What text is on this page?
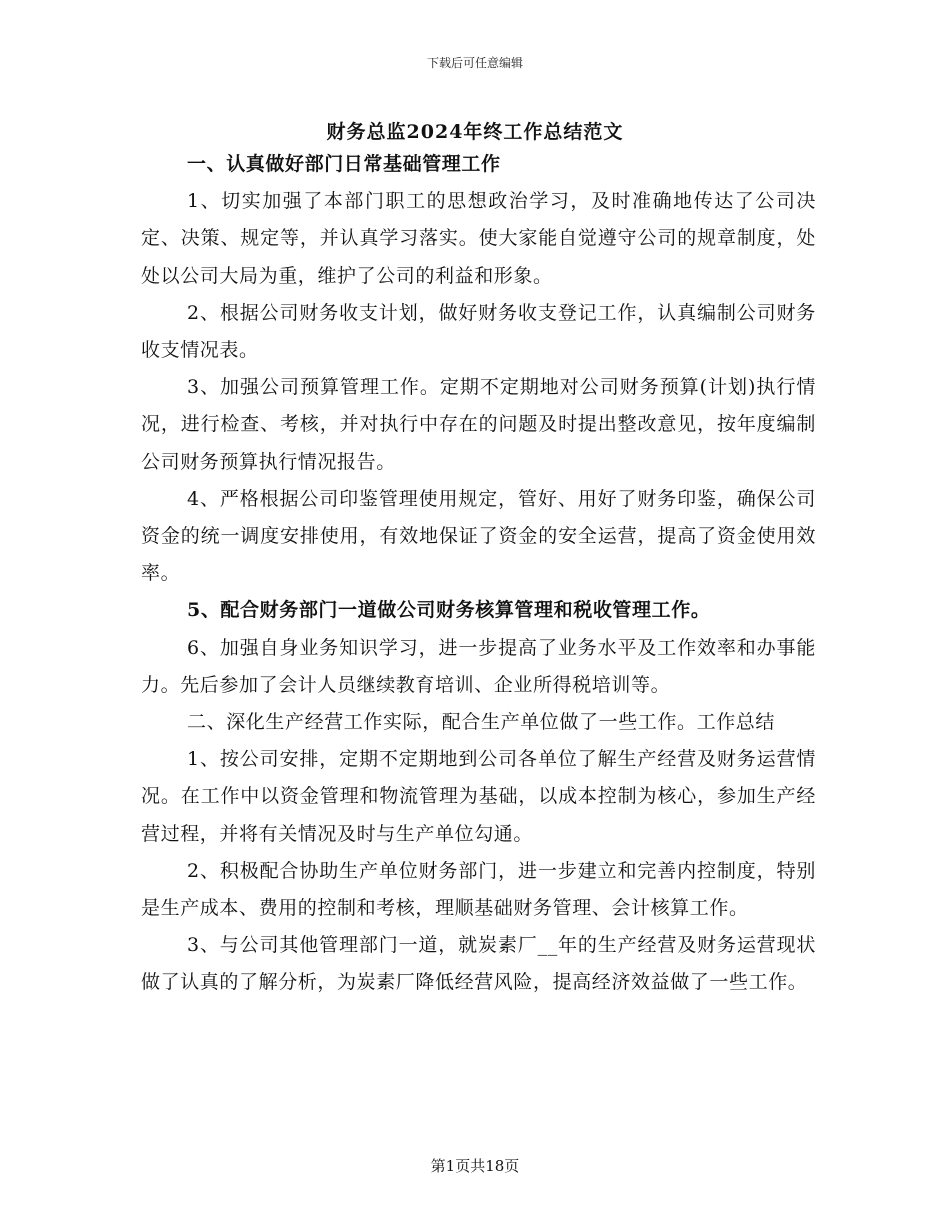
下载后可任意编辑
财务总监2024年终工作总结范文

一、认真做好部门日常基础管理工作

1、切实加强了本部门职工的思想政治学习，及时准确地传达了公司决定、决策、规定等，并认真学习落实。使大家能自觉遵守公司的规章制度，处处以公司大局为重，维护了公司的利益和形象。

2、根据公司财务收支计划，做好财务收支登记工作，认真编制公司财务收支情况表。

3、加强公司预算管理工作。定期不定期地对公司财务预算(计划)执行情况，进行检查、考核，并对执行中存在的问题及时提出整改意见，按年度编制公司财务预算执行情况报告。

4、严格根据公司印鉴管理使用规定，管好、用好了财务印鉴，确保公司资金的统一调度安排使用，有效地保证了资金的安全运营，提高了资金使用效率。

5、配合财务部门一道做公司财务核算管理和税收管理工作。

6、加强自身业务知识学习，进一步提高了业务水平及工作效率和办事能力。先后参加了会计人员继续教育培训、企业所得税培训等。

二、深化生产经营工作实际，配合生产单位做了一些工作。工作总结

1、按公司安排，定期不定期地到公司各单位了解生产经营及财务运营情况。在工作中以资金管理和物流管理为基础，以成本控制为核心，参加生产经营过程，并将有关情况及时与生产单位勾通。

2、积极配合协助生产单位财务部门，进一步建立和完善内控制度，特别是生产成本、费用的控制和考核，理顺基础财务管理、会计核算工作。

3、与公司其他管理部门一道，就炭素厂__年的生产经营及财务运营现状做了认真的了解分析，为炭素厂降低经营风险，提高经济效益做了一些工作。

第1页共18页
